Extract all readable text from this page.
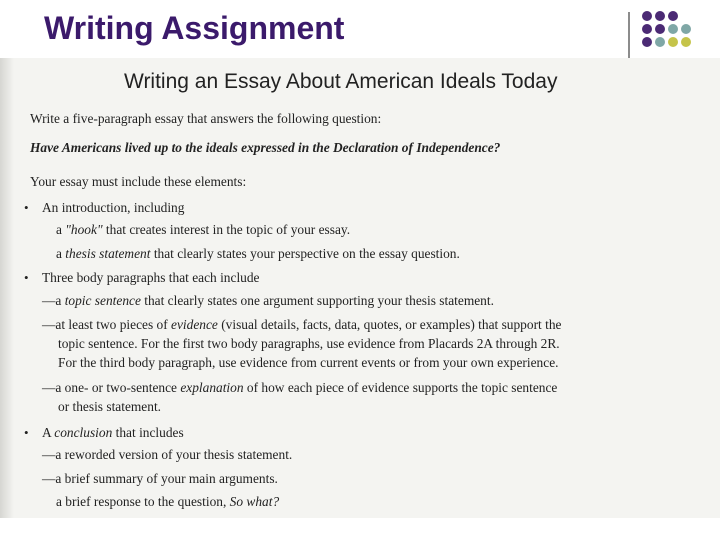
Writing Assignment
Writing an Essay About American Ideals Today
Write a five-paragraph essay that answers the following question:
Have Americans lived up to the ideals expressed in the Declaration of Independence?
Your essay must include these elements:
• An introduction, including
a "hook" that creates interest in the topic of your essay.
a thesis statement that clearly states your perspective on the essay question.
• Three body paragraphs that each include
—a topic sentence that clearly states one argument supporting your thesis statement.
—at least two pieces of evidence (visual details, facts, data, quotes, or examples) that support the
topic sentence. For the first two body paragraphs, use evidence from Placards 2A through 2R.
For the third body paragraph, use evidence from current events or from your own experience.
—a one- or two-sentence explanation of how each piece of evidence supports the topic sentence
or thesis statement.
• A conclusion that includes
—a reworded version of your thesis statement.
—a brief summary of your main arguments.
a brief response to the question, So what?
